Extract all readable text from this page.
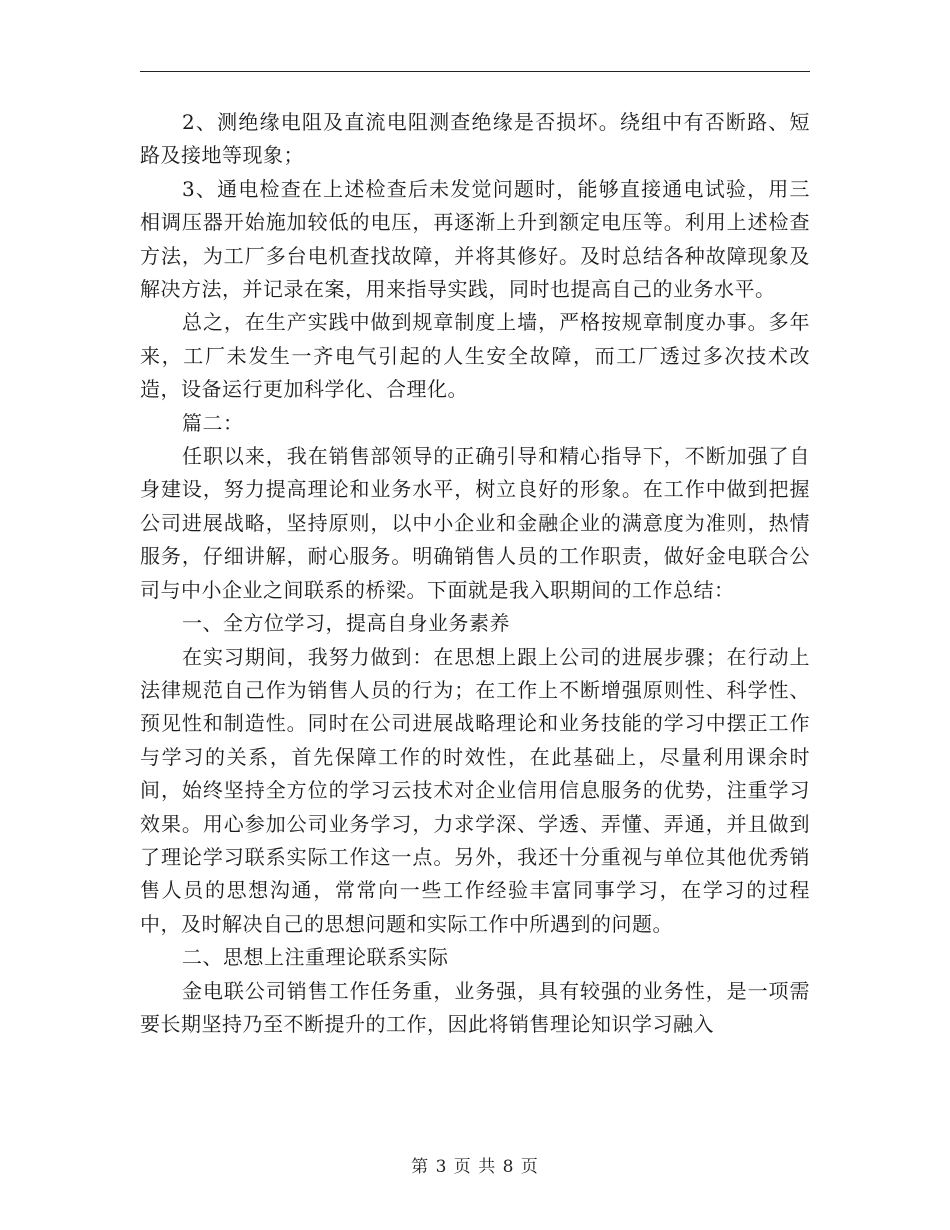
2、测绝缘电阻及直流电阻测查绝缘是否损坏。绕组中有否断路、短路及接地等现象；

3、通电检查在上述检查后未发觉问题时，能够直接通电试验，用三相调压器开始施加较低的电压，再逐渐上升到额定电压等。利用上述检查方法，为工厂多台电机查找故障，并将其修好。及时总结各种故障现象及解决方法，并记录在案，用来指导实践，同时也提高自己的业务水平。

总之，在生产实践中做到规章制度上墙，严格按规章制度办事。多年来，工厂未发生一齐电气引起的人生安全故障，而工厂透过多次技术改造，设备运行更加科学化、合理化。

篇二：

任职以来，我在销售部领导的正确引导和精心指导下，不断加强了自身建设，努力提高理论和业务水平，树立良好的形象。在工作中做到把握公司进展战略，坚持原则，以中小企业和金融企业的满意度为准则，热情服务，仔细讲解，耐心服务。明确销售人员的工作职责，做好金电联合公司与中小企业之间联系的桥梁。下面就是我入职期间的工作总结：

一、全方位学习，提高自身业务素养

在实习期间，我努力做到：在思想上跟上公司的进展步骤；在行动上法律规范自己作为销售人员的行为；在工作上不断增强原则性、科学性、预见性和制造性。同时在公司进展战略理论和业务技能的学习中摆正工作与学习的关系，首先保障工作的时效性，在此基础上，尽量利用课余时间，始终坚持全方位的学习云技术对企业信用信息服务的优势，注重学习效果。用心参加公司业务学习，力求学深、学透、弄懂、弄通，并且做到了理论学习联系实际工作这一点。另外，我还十分重视与单位其他优秀销售人员的思想沟通，常常向一些工作经验丰富同事学习，在学习的过程中，及时解决自己的思想问题和实际工作中所遇到的问题。

二、思想上注重理论联系实际

金电联公司销售工作任务重，业务强，具有较强的业务性，是一项需要长期坚持乃至不断提升的工作，因此将销售理论知识学习融入

第 3 页 共 8 页
